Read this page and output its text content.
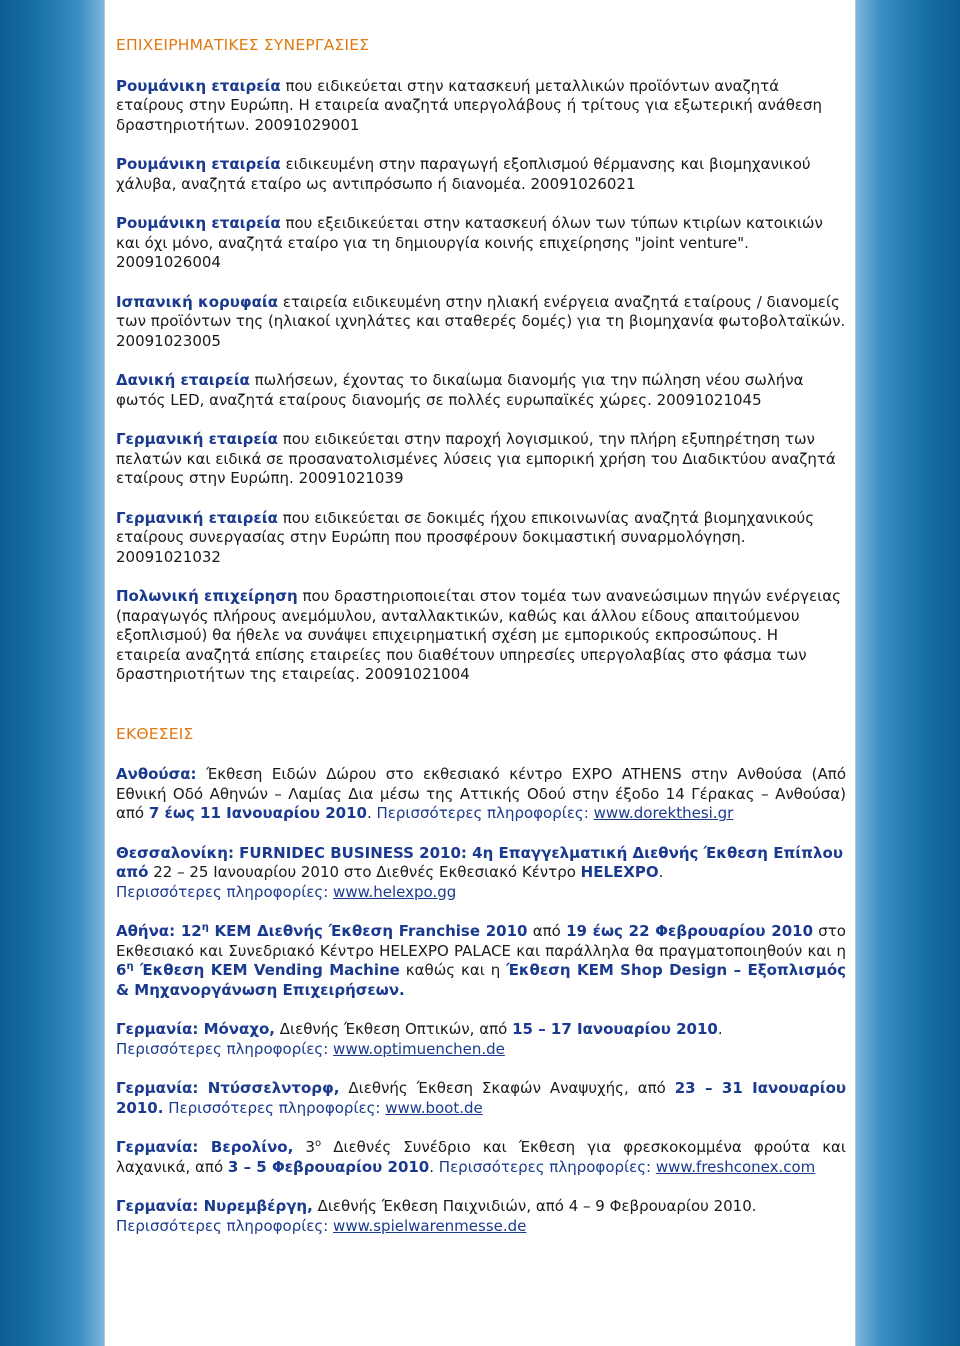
ΕΠΙΧΕΙΡΗΜΑΤΙΚΕΣ ΣΥΝΕΡΓΑΣΙΕΣ

Ρουμάνικη εταιρεία που ειδικεύεται στην κατασκευή μεταλλικών προϊόντων αναζητά εταίρους στην Ευρώπη. Η εταιρεία αναζητά υπεργολάβους ή τρίτους για εξωτερική ανάθεση δραστηριοτήτων. 20091029001

Ρουμάνικη εταιρεία ειδικευμένη στην παραγωγή εξοπλισμού θέρμανσης και βιομηχανικού χάλυβα, αναζητά εταίρο ως αντιπρόσωπο ή διανομέα. 20091026021

Ρουμάνικη εταιρεία που εξειδικεύεται στην κατασκευή όλων των τύπων κτιρίων κατοικιών και όχι μόνο, αναζητά εταίρο για τη δημιουργία κοινής επιχείρησης "joint venture". 20091026004

Ισπανική κορυφαία εταιρεία ειδικευμένη στην ηλιακή ενέργεια αναζητά εταίρους / διανομείς των προϊόντων της (ηλιακοί ιχνηλάτες και σταθερές δομές) για τη βιομηχανία φωτοβολταϊκών. 20091023005

Δανική εταιρεία πωλήσεων, έχοντας το δικαίωμα διανομής για την πώληση νέου σωλήνα φωτός LED, αναζητά εταίρους διανομής σε πολλές ευρωπαϊκές χώρες. 20091021045

Γερμανική εταιρεία που ειδικεύεται στην παροχή λογισμικού, την πλήρη εξυπηρέτηση των πελατών και ειδικά σε προσανατολισμένες λύσεις για εμπορική χρήση του Διαδικτύου αναζητά εταίρους στην Ευρώπη. 20091021039

Γερμανική εταιρεία που ειδικεύεται σε δοκιμές ήχου επικοινωνίας αναζητά βιομηχανικούς εταίρους συνεργασίας στην Ευρώπη που προσφέρουν δοκιμαστική συναρμολόγηση. 20091021032

Πολωνική επιχείρηση που δραστηριοποιείται στον τομέα των ανανεώσιμων πηγών ενέργειας (παραγωγός πλήρους ανεμόμυλου, ανταλλακτικών, καθώς και άλλου είδους απαιτούμενου εξοπλισμού) θα ήθελε να συνάψει επιχειρηματική σχέση με εμπορικούς εκπροσώπους. Η εταιρεία αναζητά επίσης εταιρείες που διαθέτουν υπηρεσίες υπεργολαβίας στο φάσμα των δραστηριοτήτων της εταιρείας. 20091021004

ΕΚΘΕΣΕΙΣ

Ανθούσα: Έκθεση Ειδών Δώρου στο εκθεσιακό κέντρο EXPO ATHENS στην Ανθούσα (Από Εθνική Οδό Αθηνών – Λαμίας Δια μέσω της Αττικής Οδού στην έξοδο 14 Γέρακας – Ανθούσα) από 7 έως 11 Ιανουαρίου 2010. Περισσότερες πληροφορίες: www.dorekthesi.gr

Θεσσαλονίκη: FURNIDEC BUSINESS 2010: 4η Επαγγελματική Διεθνής Έκθεση Επίπλου από 22 – 25 Ιανουαρίου 2010 στο Διεθνές Εκθεσιακό Κέντρο HELEXPO.
Περισσότερες πληροφορίες: www.helexpo.gg

Αθήνα: $12^\eta$ ΚΕΜ Διεθνής Έκθεση Franchise 2010 από 19 έως 22 Φεβρουαρίου 2010 στο Εκθεσιακό και Συνεδριακό Κέντρο HELEXPO PALACE και παράλληλα θα πραγματοποιηθούν και η $6^\eta$ Έκθεση ΚΕΜ Vending Machine καθώς και η Έκθεση ΚΕΜ Shop Design – Εξοπλισμός & Μηχανοργάνωση Επιχειρήσεων.

Γερμανία: Μόναχο, Διεθνής Έκθεση Οπτικών, από 15 – 17 Ιανουαρίου 2010.
Περισσότερες πληροφορίες: www.optimuenchen.de

Γερμανία: Ντύσσελντορφ, Διεθνής Έκθεση Σκαφών Αναψυχής, από 23 – 31 Ιανουαρίου 2010. Περισσότερες πληροφορίες: www.boot.de

Γερμανία: Βερολίνο, $3^o$ Διεθνές Συνέδριο και Έκθεση για φρεσκοκομμένα φρούτα και λαχανικά, από 3 – 5 Φεβρουαρίου 2010. Περισσότερες πληροφορίες: www.freshconex.com

Γερμανία: Νυρεμβέργη, Διεθνής Έκθεση Παιχνιδιών, από 4 – 9 Φεβρουαρίου 2010.
Περισσότερες πληροφορίες: www.spielwarenmesse.de
